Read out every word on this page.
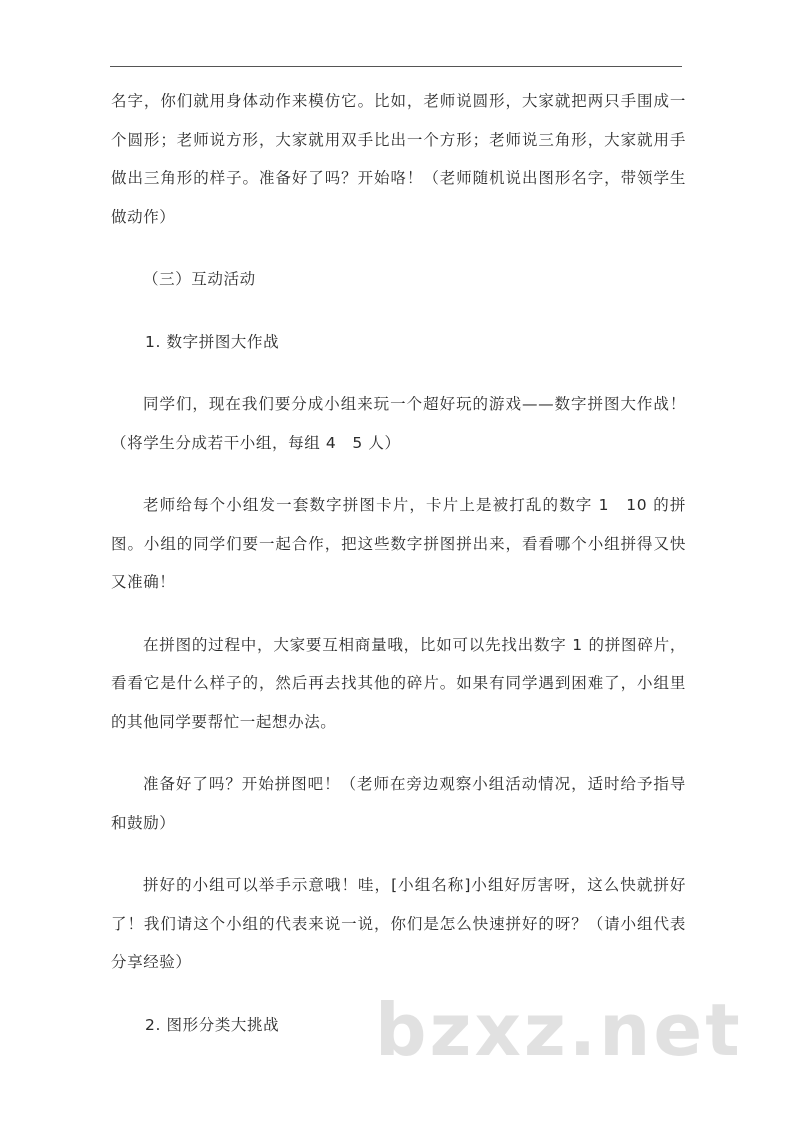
名字，你们就用身体动作来模仿它。比如，老师说圆形，大家就把两只手围成一个圆形；老师说方形，大家就用双手比出一个方形；老师说三角形，大家就用手做出三角形的样子。准备好了吗？开始咯！（老师随机说出图形名字，带领学生做动作）

（三）互动活动

1. 数字拼图大作战

同学们，现在我们要分成小组来玩一个超好玩的游戏——数字拼图大作战！（将学生分成若干小组，每组 4　5 人）

老师给每个小组发一套数字拼图卡片，卡片上是被打乱的数字 1　10 的拼图。小组的同学们要一起合作，把这些数字拼图拼出来，看看哪个小组拼得又快又准确！

在拼图的过程中，大家要互相商量哦，比如可以先找出数字 1 的拼图碎片，看看它是什么样子的，然后再去找其他的碎片。如果有同学遇到困难了，小组里的其他同学要帮忙一起想办法。

准备好了吗？开始拼图吧！（老师在旁边观察小组活动情况，适时给予指导和鼓励）

拼好的小组可以举手示意哦！哇，[小组名称]小组好厉害呀，这么快就拼好了！我们请这个小组的代表来说一说，你们是怎么快速拼好的呀？（请小组代表分享经验）

2. 图形分类大挑战	bzxz.net
